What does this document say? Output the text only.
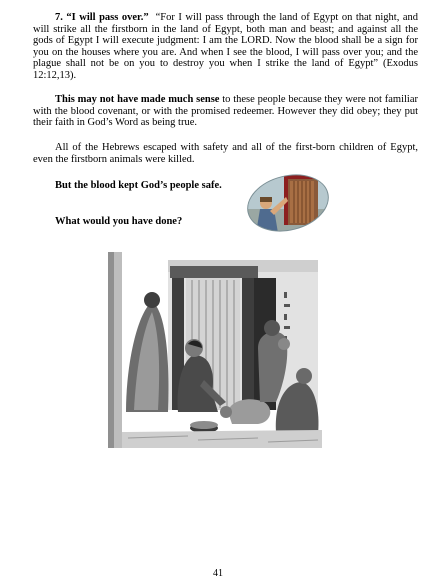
7. “I will pass over.” “For I will pass through the land of Egypt on that night, and will strike all the firstborn in the land of Egypt, both man and beast; and against all the gods of Egypt I will execute judgment: I am the LORD. Now the blood shall be a sign for you on the houses where you are. And when I see the blood, I will pass over you; and the plague shall not be on you to destroy you when I strike the land of Egypt” (Exodus 12:12,13).

This may not have made much sense to these people because they were not familiar with the blood covenant, or with the promised redeemer. However they did obey; they put their faith in God’s Word as being true.

All of the Hebrews escaped with safety and all of the first-born children of Egypt, even the firstborn animals were killed.

But the blood kept God’s people safe.

What would you have done?

41
